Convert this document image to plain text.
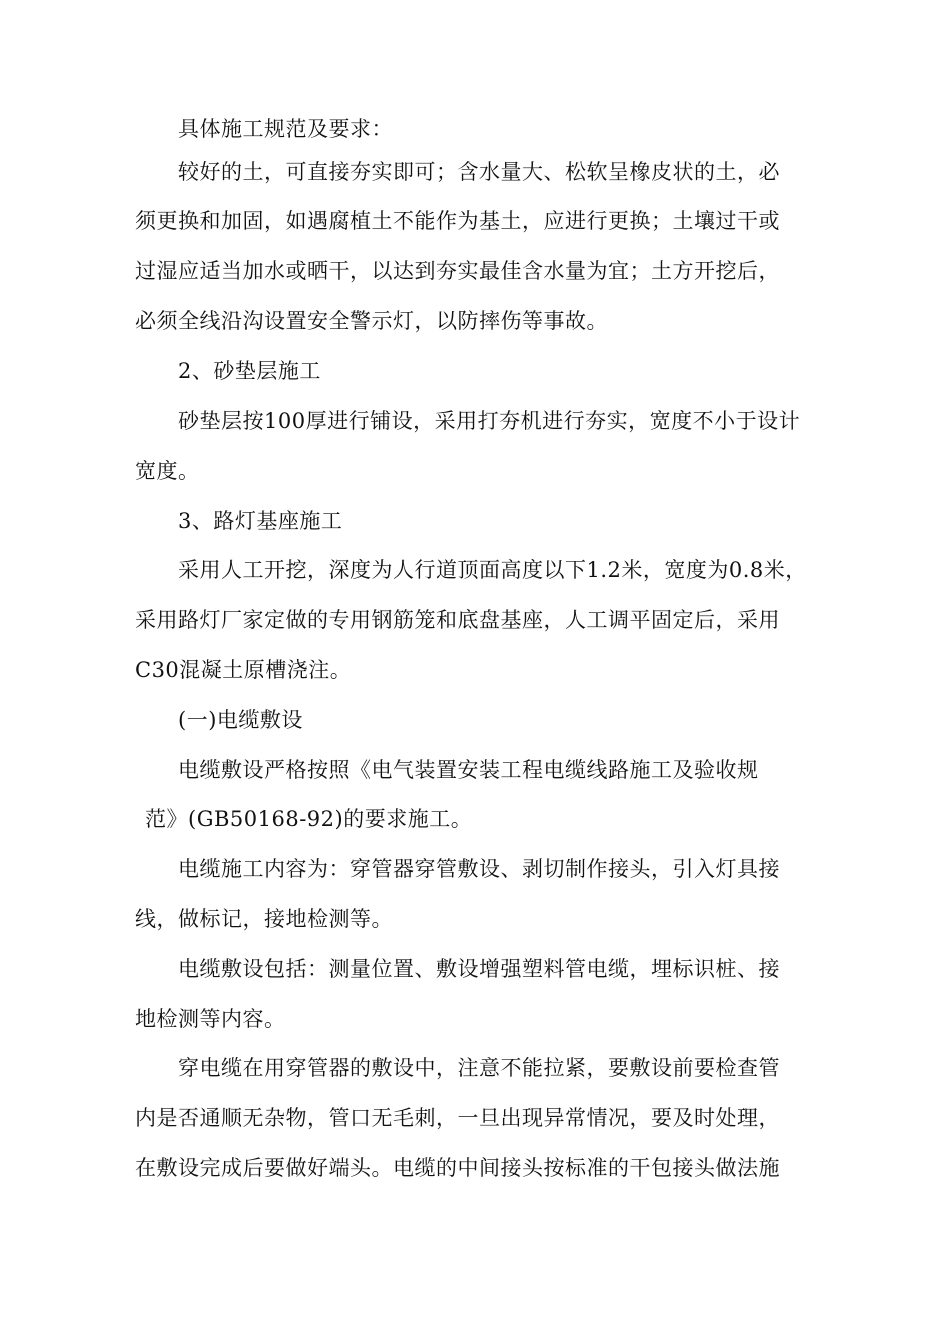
具体施工规范及要求：
较好的土，可直接夯实即可；含水量大、松软呈橡皮状的土，必
须更换和加固，如遇腐植土不能作为基土，应进行更换；土壤过干或
过湿应适当加水或晒干，以达到夯实最佳含水量为宜；土方开挖后，
必须全线沿沟设置安全警示灯，以防摔伤等事故。
2、砂垫层施工
砂垫层按100厚进行铺设，采用打夯机进行夯实，宽度不小于设计
宽度。
3、路灯基座施工
采用人工开挖，深度为人行道顶面高度以下1.2米，宽度为0.8米，
采用路灯厂家定做的专用钢筋笼和底盘基座，人工调平固定后，采用
C30混凝土原槽浇注。
(一)电缆敷设
电缆敷设严格按照《电气装置安装工程电缆线路施工及验收规
范》(GB50168-92)的要求施工。
电缆施工内容为：穿管器穿管敷设、剥切制作接头，引入灯具接
线，做标记，接地检测等。
电缆敷设包括：测量位置、敷设增强塑料管电缆，埋标识桩、接
地检测等内容。
穿电缆在用穿管器的敷设中，注意不能拉紧，要敷设前要检查管
内是否通顺无杂物，管口无毛刺，一旦出现异常情况，要及时处理，
在敷设完成后要做好端头。电缆的中间接头按标准的干包接头做法施
